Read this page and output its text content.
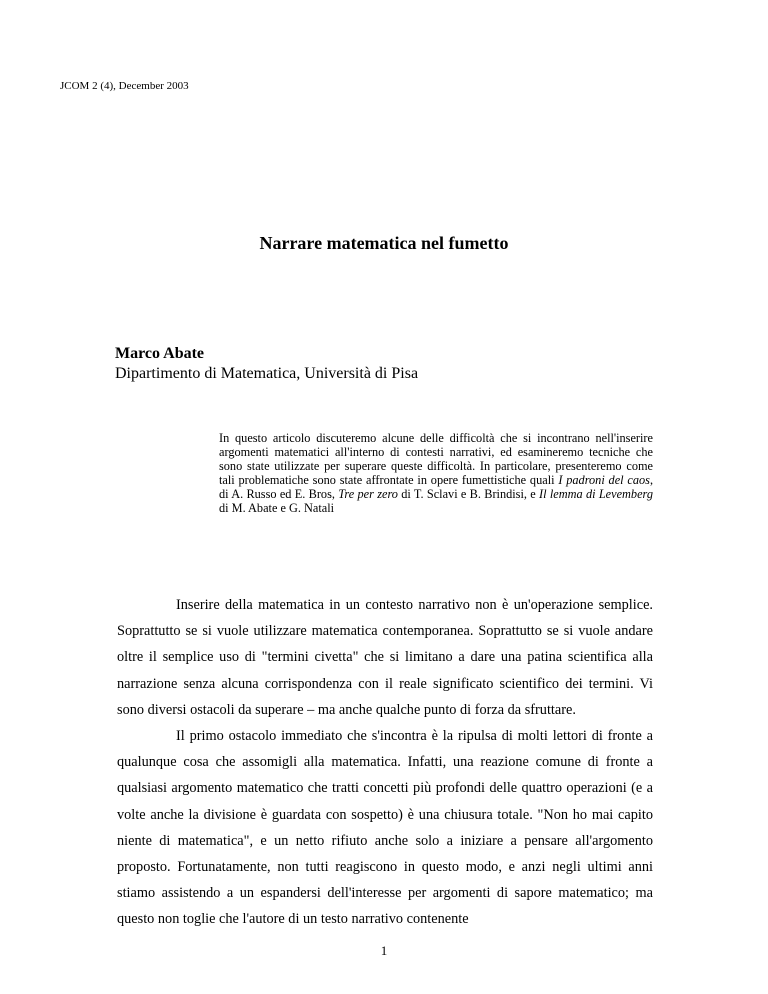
JCOM 2 (4), December 2003
Narrare matematica nel fumetto
Marco Abate
Dipartimento di Matematica, Università di Pisa
In questo articolo discuteremo alcune delle difficoltà che si incontrano nell'inserire argomenti matematici all'interno di contesti narrativi, ed esamineremo tecniche che sono state utilizzate per superare queste difficoltà. In particolare, presenteremo come tali problematiche sono state affrontate in opere fumettistiche quali I padroni del caos, di A. Russo ed E. Bros, Tre per zero di T. Sclavi e B. Brindisi, e Il lemma di Levemberg di M. Abate e G. Natali

Inserire della matematica in un contesto narrativo non è un'operazione semplice. Soprattutto se si vuole utilizzare matematica contemporanea. Soprattutto se si vuole andare oltre il semplice uso di "termini civetta" che si limitano a dare una patina scientifica alla narrazione senza alcuna corrispondenza con il reale significato scientifico dei termini. Vi sono diversi ostacoli da superare – ma anche qualche punto di forza da sfruttare.

Il primo ostacolo immediato che s'incontra è la ripulsa di molti lettori di fronte a qualunque cosa che assomigli alla matematica. Infatti, una reazione comune di fronte a qualsiasi argomento matematico che tratti concetti più profondi delle quattro operazioni (e a volte anche la divisione è guardata con sospetto) è una chiusura totale. "Non ho mai capito niente di matematica", e un netto rifiuto anche solo a iniziare a pensare all'argomento proposto. Fortunatamente, non tutti reagiscono in questo modo, e anzi negli ultimi anni stiamo assistendo a un espandersi dell'interesse per argomenti di sapore matematico; ma questo non toglie che l'autore di un testo narrativo contenente

1
